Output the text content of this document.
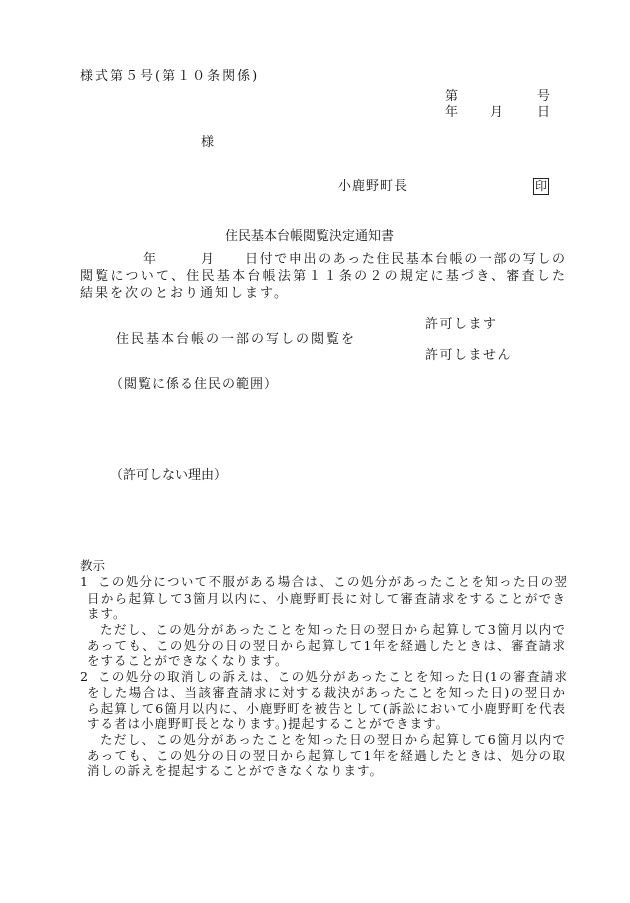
様式第５号(第１０条関係)
第	号
年 月	日
様
小鹿野町長	印
住民基本台帳閲覧決定通知書
年	月 日付で申出のあった住民基本台帳の一部の写しの
閲覧について、住民基本台帳法第１１条の２の規定に基づき、審査した
結果を次のとおり通知します。
許可します
住民基本台帳の一部の写しの閲覧を
許可しません
（閲覧に係る住民の範囲）
（許可しない理由）
教示
1 この処分について不服がある場合は、この処分があったことを知った日の翌
日から起算して3箇月以内に、小鹿野町長に対して審査請求をすることができ
ます。
ただし、この処分があったことを知った日の翌日から起算して3箇月以内で
あっても、この処分の日の翌日から起算して1年を経過したときは、審査請求
をすることができなくなります。
2 この処分の取消しの訴えは、この処分があったことを知った日(1の審査請求
をした場合は、当該審査請求に対する裁決があったことを知った日)の翌日か
ら起算して6箇月以内に、小鹿野町を被告として(訴訟において小鹿野町を代表
する者は小鹿野町長となります。)提起することができます。
ただし、この処分があったことを知った日の翌日から起算して6箇月以内で
あっても、この処分の日の翌日から起算して1年を経過したときは、処分の取
消しの訴えを提起することができなくなります。
